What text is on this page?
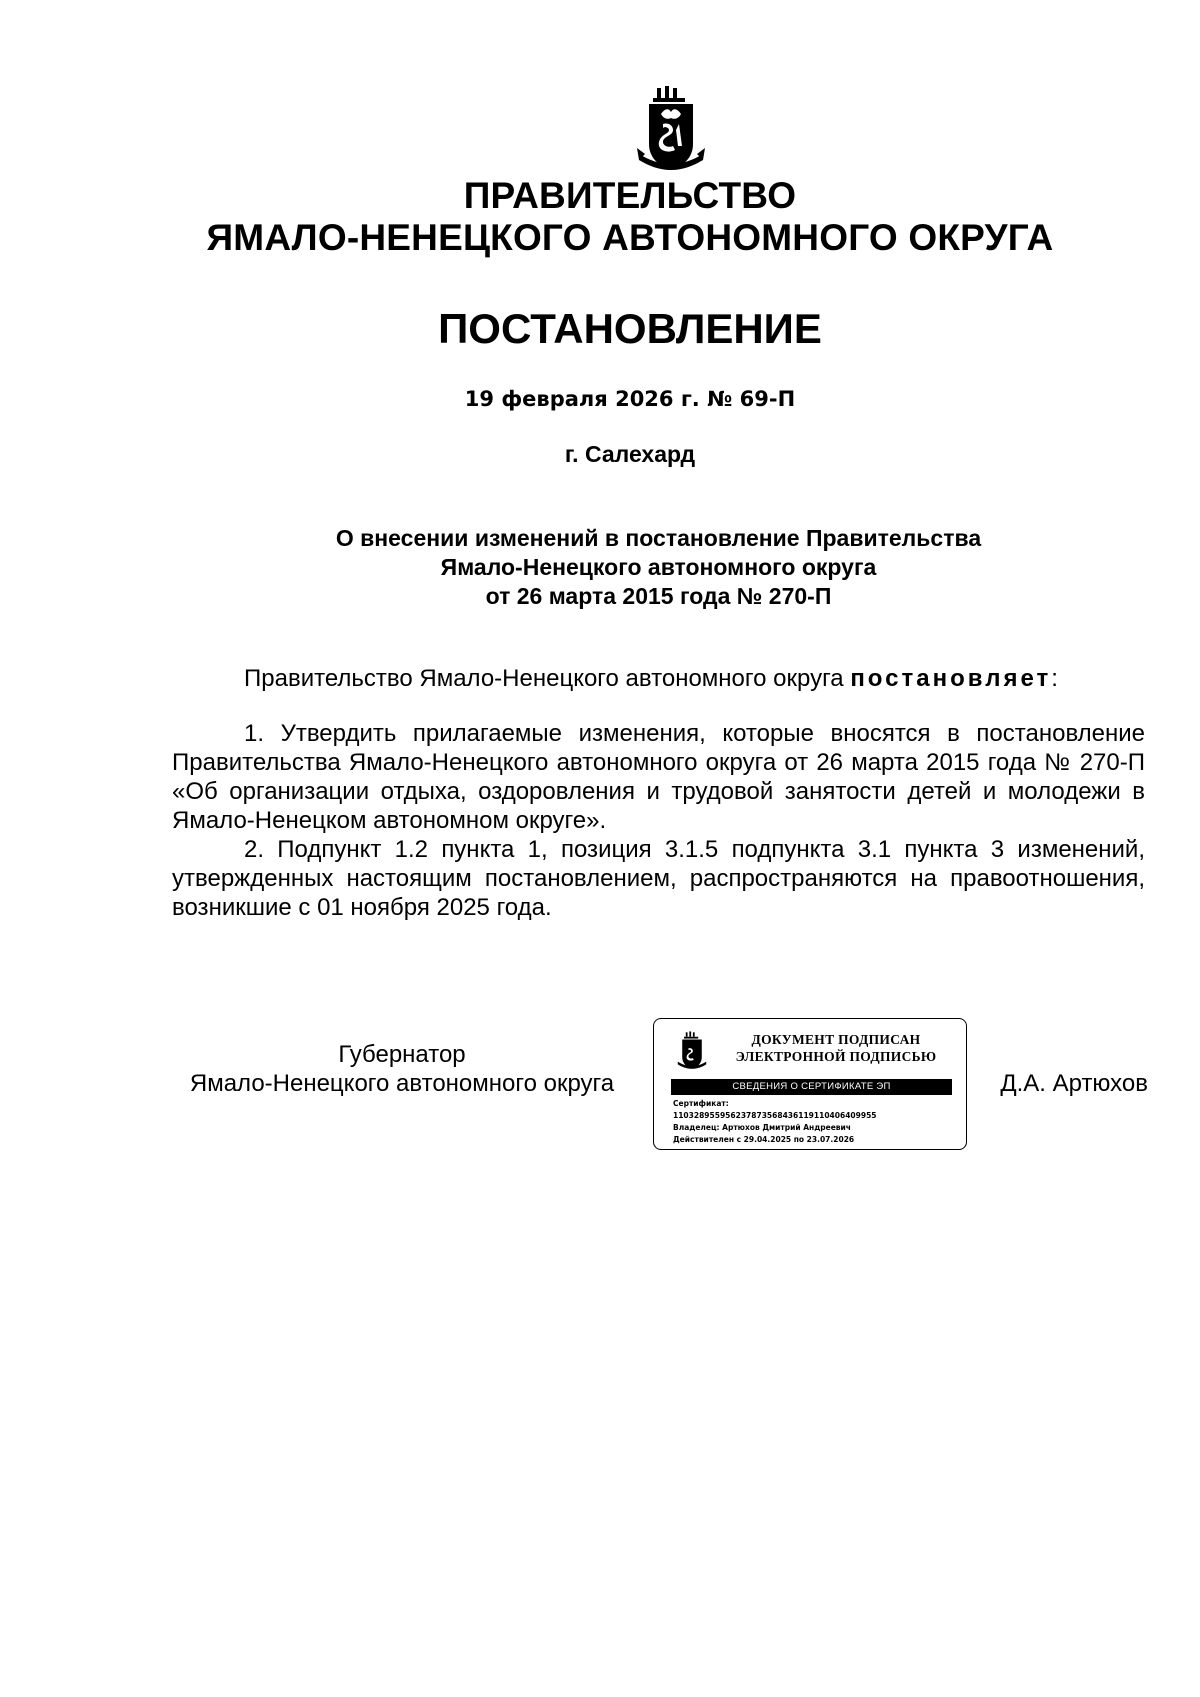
ПРАВИТЕЛЬСТВО
ЯМАЛО-НЕНЕЦКОГО АВТОНОМНОГО ОКРУГА
ПОСТАНОВЛЕНИЕ
19 февраля 2026 г. № 69-П
г. Салехард
О внесении изменений в постановление Правительства
Ямало-Ненецкого автономного округа
от 26 марта 2015 года № 270-П

Правительство Ямало-Ненецкого автономного округа постановляет:

1. Утвердить прилагаемые изменения, которые вносятся в постановление Правительства Ямало-Ненецкого автономного округа от 26 марта 2015 года № 270-П «Об организации отдыха, оздоровления и трудовой занятости детей и молодежи в Ямало-Ненецком автономном округе».

2. Подпункт 1.2 пункта 1, позиция 3.1.5 подпункта 3.1 пункта 3 изменений, утвержденных настоящим постановлением, распространяются на правоотношения, возникшие с 01 ноября 2025 года.

Губернатор
Ямало-Ненецкого автономного округа
ДОКУМЕНТ ПОДПИСАН
ЭЛЕКТРОННОЙ ПОДПИСЬЮ
СВЕДЕНИЯ О СЕРТИФИКАТЕ ЭП
Сертификат:
110328955956237873568436119110406409955
Владелец: Артюхов Дмитрий Андреевич
Действителен с 29.04.2025 по 23.07.2026
Д.А. Артюхов
